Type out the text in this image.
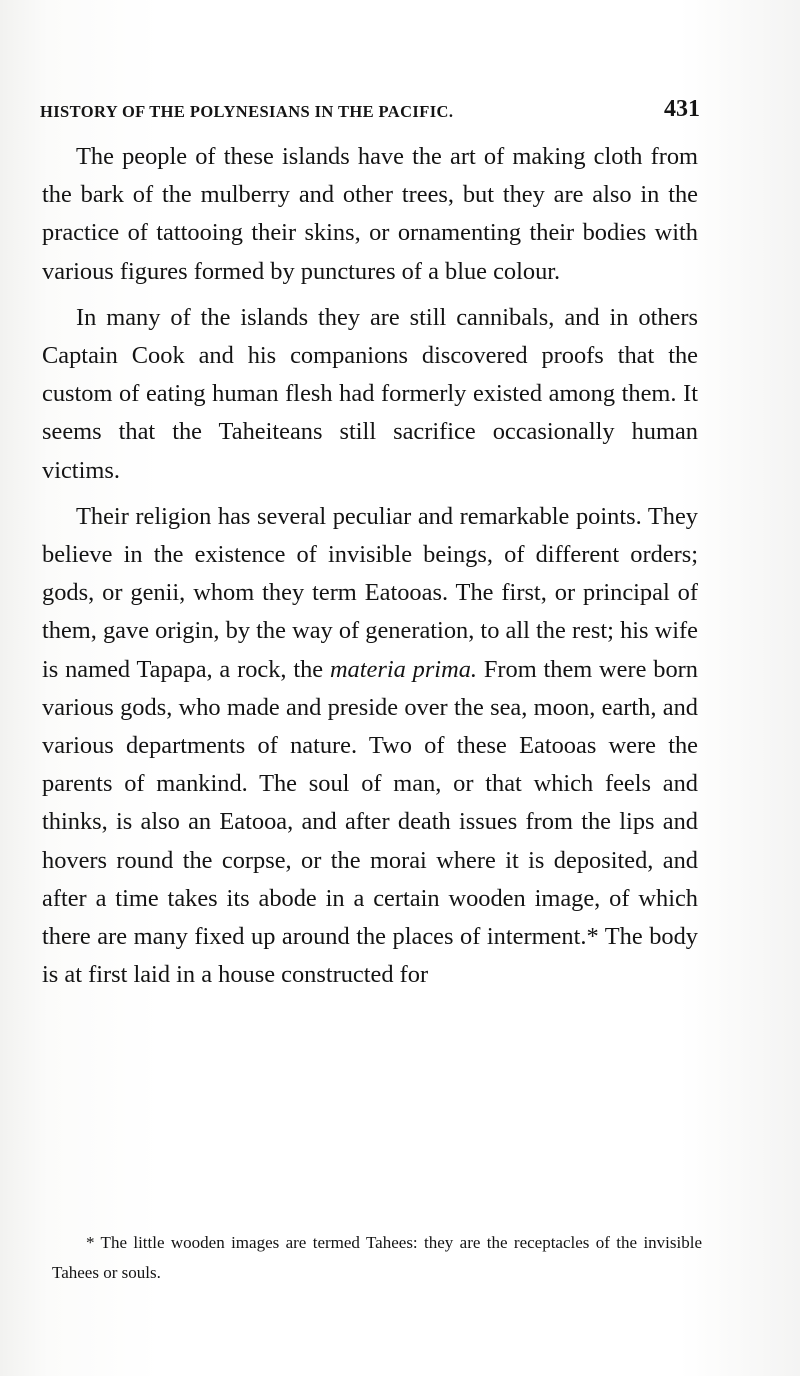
HISTORY OF THE POLYNESIANS IN THE PACIFIC.	431

The people of these islands have the art of making cloth from the bark of the mulberry and other trees, but they are also in the practice of tattooing their skins, or ornamenting their bodies with various figures formed by punctures of a blue colour.

In many of the islands they are still cannibals, and in others Captain Cook and his companions discovered proofs that the custom of eating human flesh had formerly existed among them. It seems that the Taheiteans still sacrifice occasionally human victims.

Their religion has several peculiar and remarkable points. They believe in the existence of invisible beings, of different orders; gods, or genii, whom they term Eatooas. The first, or principal of them, gave origin, by the way of generation, to all the rest; his wife is named Tapapa, a rock, the materia prima. From them were born various gods, who made and preside over the sea, moon, earth, and various departments of nature. Two of these Eatooas were the parents of mankind. The soul of man, or that which feels and thinks, is also an Eatooa, and after death issues from the lips and hovers round the corpse, or the morai where it is deposited, and after a time takes its abode in a certain wooden image, of which there are many fixed up around the places of interment.* The body is at first laid in a house constructed for

* The little wooden images are termed Tahees: they are the receptacles of the invisible Tahees or souls.
